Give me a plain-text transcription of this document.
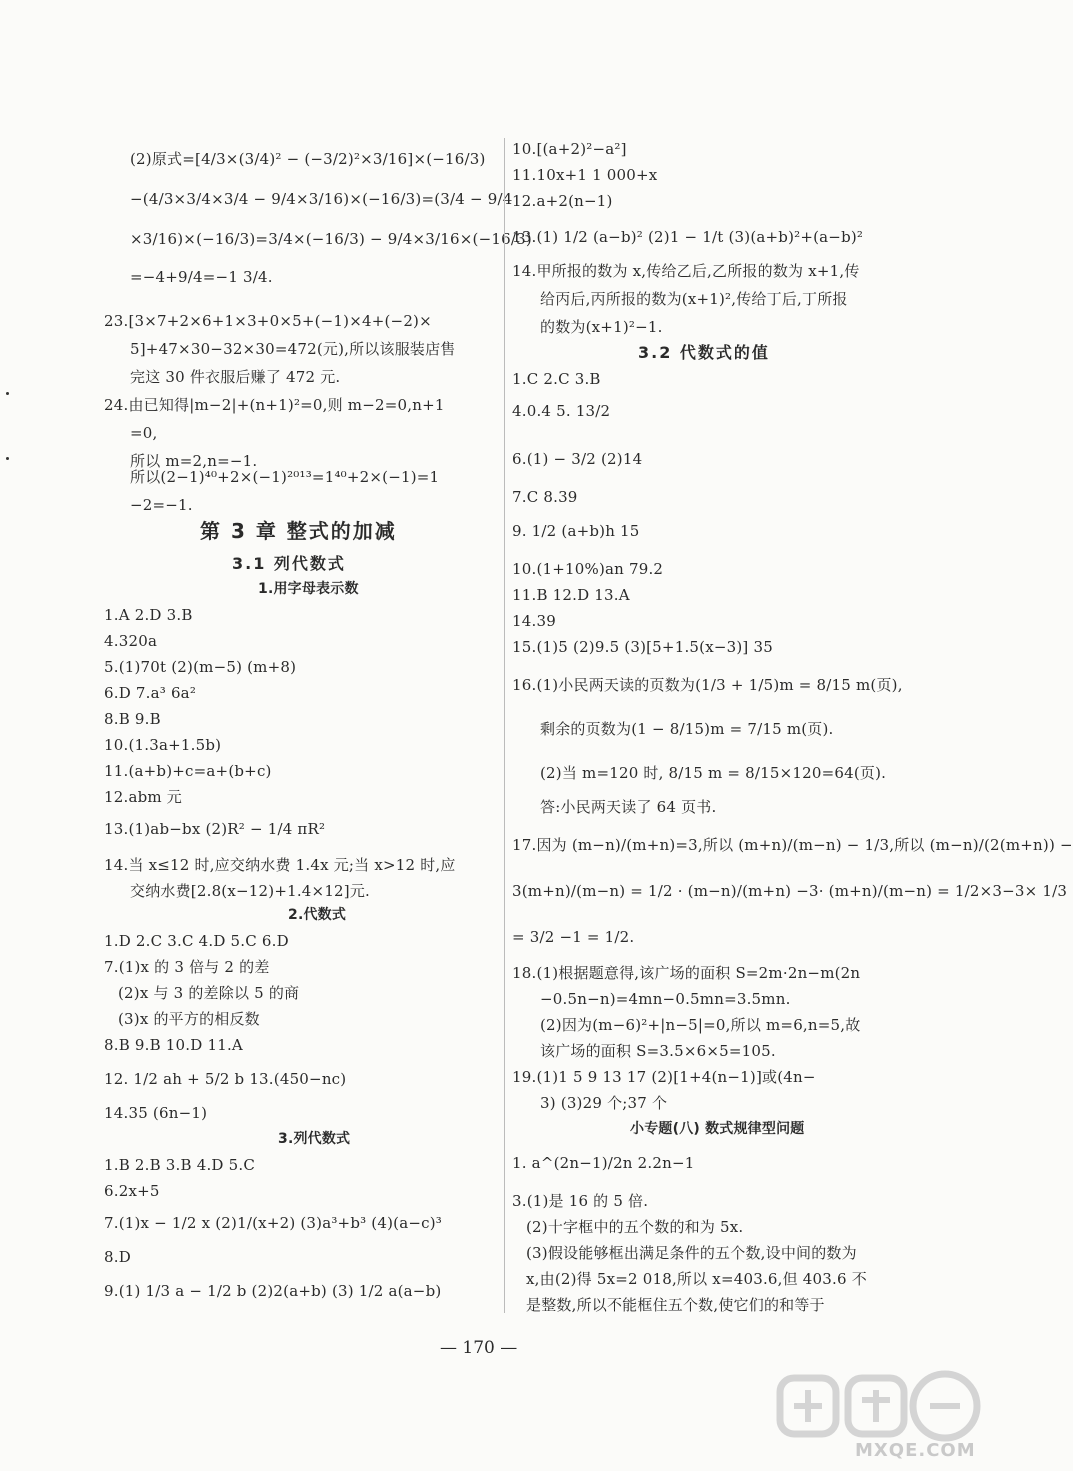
(2)原式=[4/3×(3/4)² − (−3/2)²×3/16]×(−16/3)
−(4/3×3/4×3/4 − 9/4×3/16)×(−16/3)=(3/4 − 9/4
×3/16)×(−16/3)=3/4×(−16/3) − 9/4×3/16×(−16/3)
=−4+9/4=−1 3/4.
23.[3×7+2×6+1×3+0×5+(−1)×4+(−2)×
5]+47×30−32×30=472(元),所以该服装店售
完这 30 件衣服后赚了 472 元.
24.由已知得|m−2|+(n+1)²=0,则 m−2=0,n+1
=0,
所以 m=2,n=−1.
所以(2−1)⁴⁰+2×(−1)²⁰¹³=1⁴⁰+2×(−1)=1
−2=−1.
第 3 章 整式的加减
3.1 列代数式
1.用字母表示数
1.A 2.D 3.B
4.320a
5.(1)70t (2)(m−5) (m+8)
6.D 7.a³ 6a²
8.B 9.B
10.(1.3a+1.5b)
11.(a+b)+c=a+(b+c)
12.abm 元
13.(1)ab−bx (2)R² − 1/4 πR²
14.当 x≤12 时,应交纳水费 1.4x 元;当 x>12 时,应
交纳水费[2.8(x−12)+1.4×12]元.
2.代数式
1.D 2.C 3.C 4.D 5.C 6.D
7.(1)x 的 3 倍与 2 的差
(2)x 与 3 的差除以 5 的商
(3)x 的平方的相反数
8.B 9.B 10.D 11.A
12. 1/2 ah + 5/2 b 13.(450−nc)
14.35 (6n−1)
3.列代数式
1.B 2.B 3.B 4.D 5.C
6.2x+5
7.(1)x − 1/2 x (2)1/(x+2) (3)a³+b³ (4)(a−c)³
8.D
9.(1) 1/3 a − 1/2 b (2)2(a+b) (3) 1/2 a(a−b)
10.[(a+2)²−a²]
11.10x+1 1 000+x
12.a+2(n−1)
13.(1) 1/2 (a−b)² (2)1 − 1/t (3)(a+b)²+(a−b)²
14.甲所报的数为 x,传给乙后,乙所报的数为 x+1,传
给丙后,丙所报的数为(x+1)²,传给丁后,丁所报
的数为(x+1)²−1.
3.2 代数式的值
1.C 2.C 3.B
4.0.4 5. 13/2
6.(1) − 3/2 (2)14
7.C 8.39
9. 1/2 (a+b)h 15
10.(1+10%)an 79.2
11.B 12.D 13.A
14.39
15.(1)5 (2)9.5 (3)[5+1.5(x−3)] 35
16.(1)小民两天读的页数为(1/3 + 1/5)m = 8/15 m(页),
剩余的页数为(1 − 8/15)m = 7/15 m(页).
(2)当 m=120 时, 8/15 m = 8/15×120=64(页).
答:小民两天读了 64 页书.
17.因为 (m−n)/(m+n)=3,所以 (m+n)/(m−n) − 1/3,所以 (m−n)/(2(m+n)) −
3(m+n)/(m−n) = 1/2 · (m−n)/(m+n) −3· (m+n)/(m−n) = 1/2×3−3× 1/3
= 3/2 −1 = 1/2.
18.(1)根据题意得,该广场的面积 S=2m·2n−m(2n
−0.5n−n)=4mn−0.5mn=3.5mn.
(2)因为(m−6)²+|n−5|=0,所以 m=6,n=5,故
该广场的面积 S=3.5×6×5=105.
19.(1)1 5 9 13 17 (2)[1+4(n−1)]或(4n−
3) (3)29 个;37 个
小专题(八) 数式规律型问题
1. a^(2n−1)/2n 2.2n−1
3.(1)是 16 的 5 倍.
(2)十字框中的五个数的和为 5x.
(3)假设能够框出满足条件的五个数,设中间的数为
x,由(2)得 5x=2 018,所以 x=403.6,但 403.6 不
是整数,所以不能框住五个数,使它们的和等于
— 170 —
MXQE.COM
